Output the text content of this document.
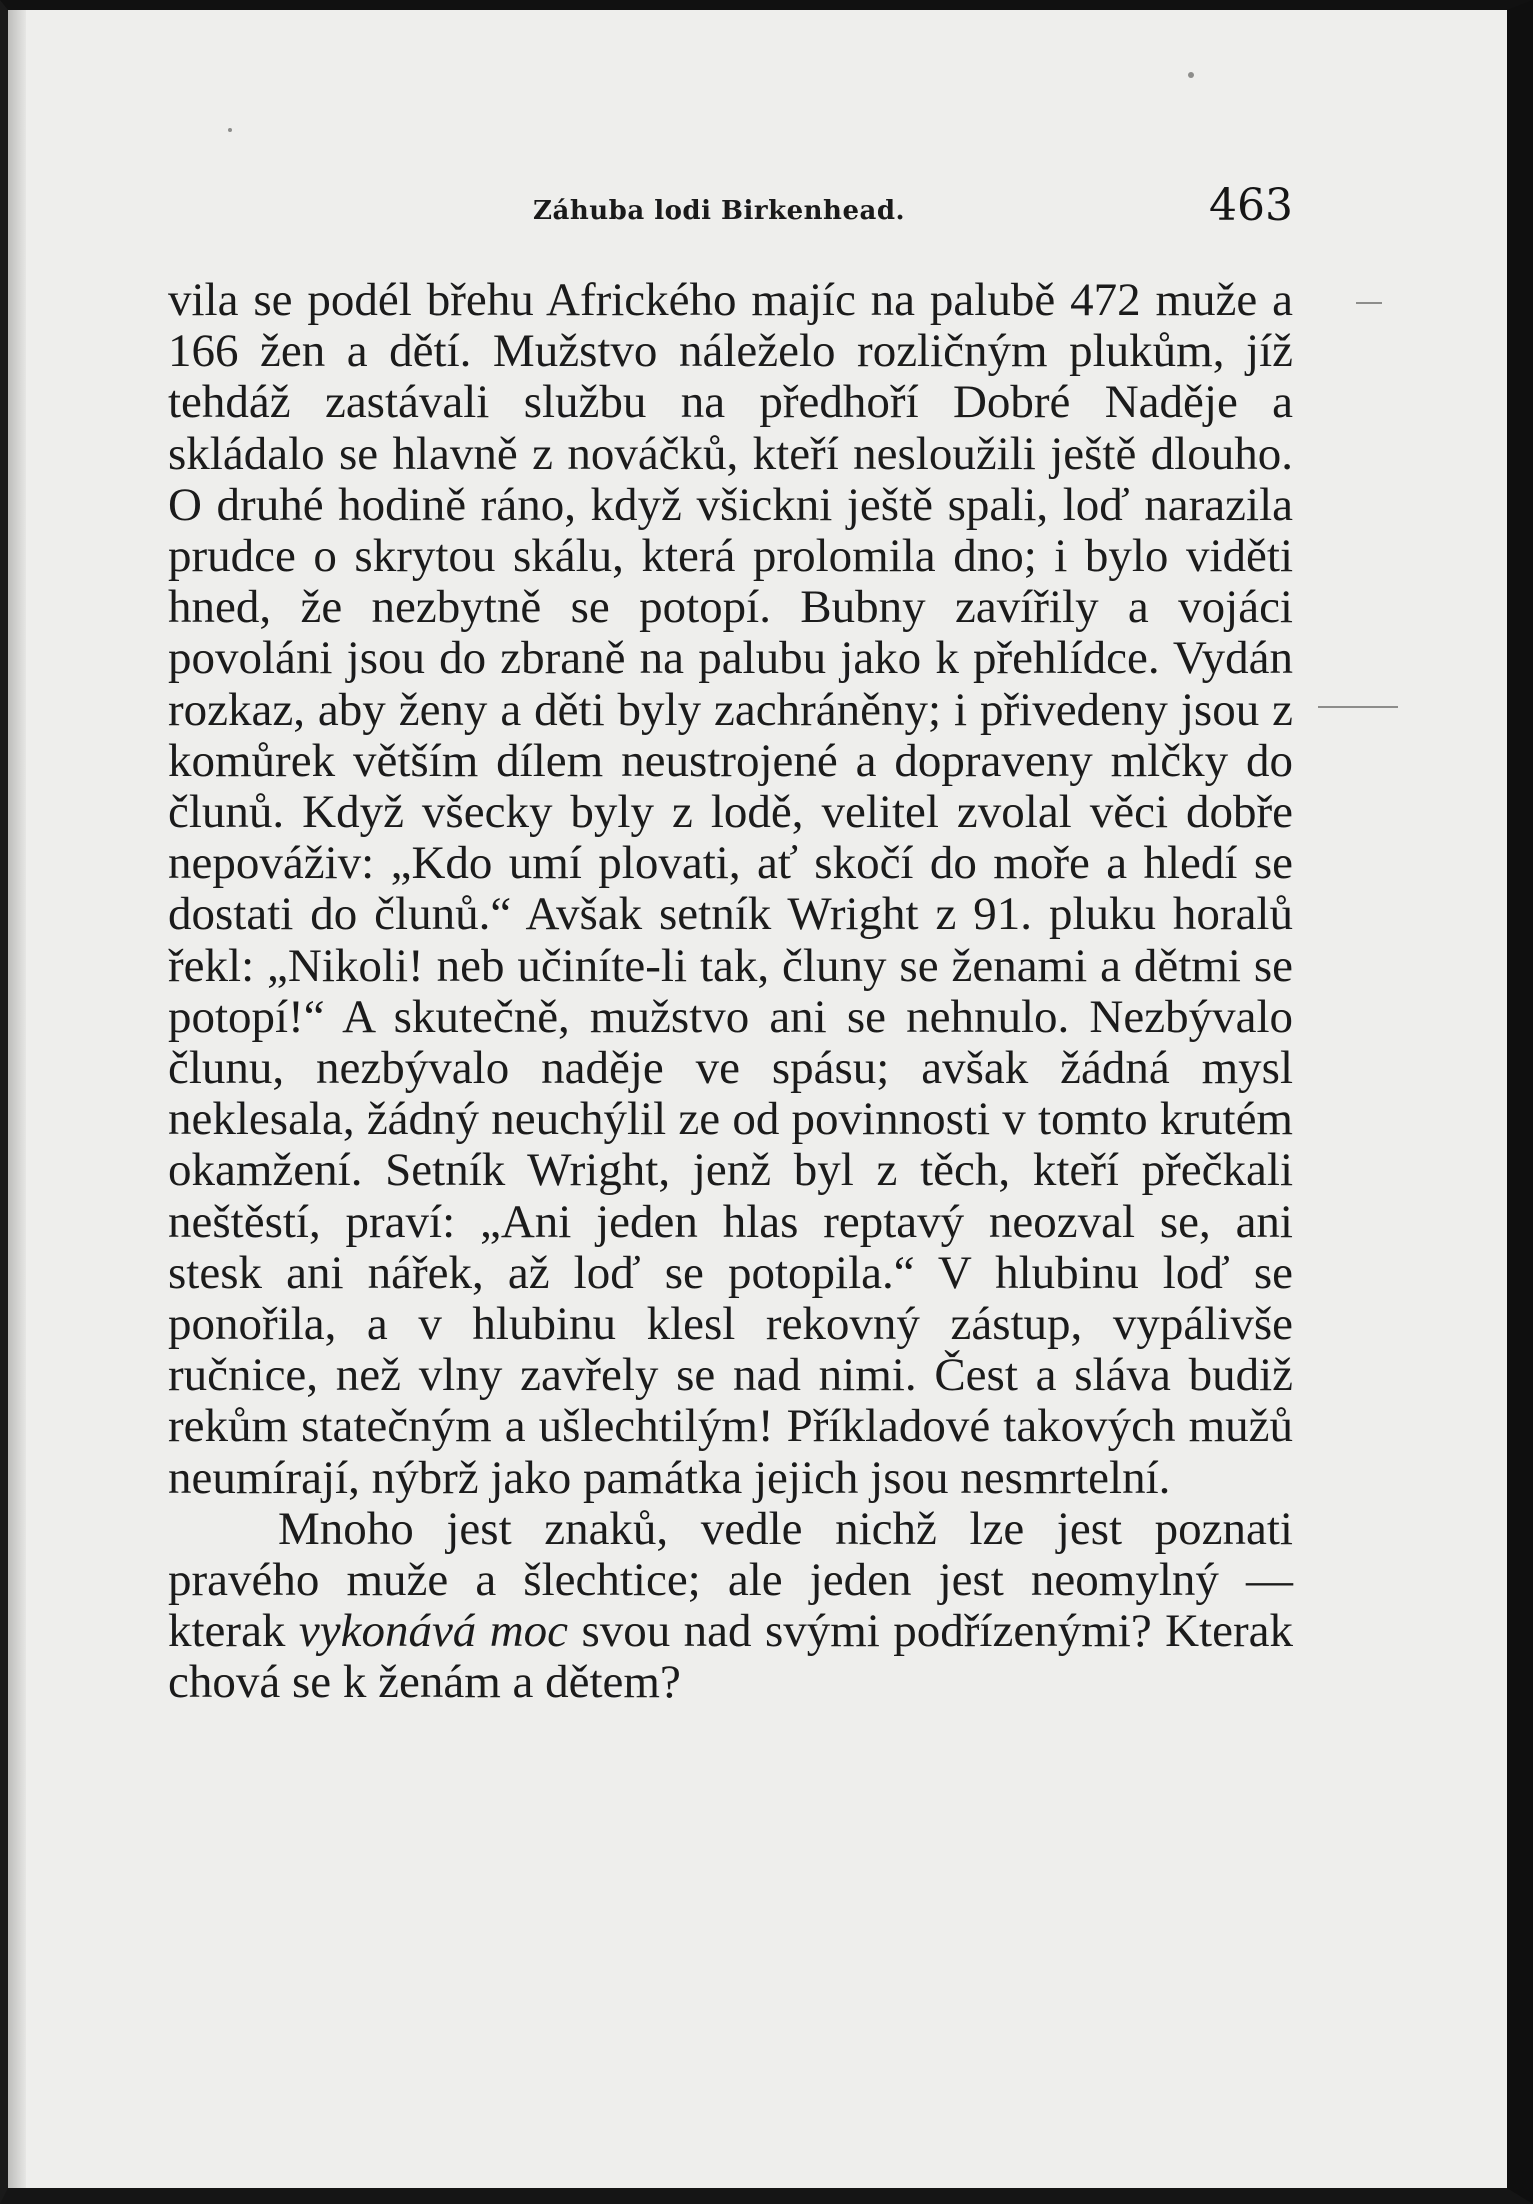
Záhuba lodi Birkenhead.	463

vila se podél břehu Afrického majíc na palubě 472 muže a 166 žen a dětí. Mužstvo náleželo rozličným plukům, jíž tehdáž zastávali službu na předhoří Dobré Naděje a skládalo se hlavně z nováčků, kteří nesloužili ještě dlouho. O druhé hodině ráno, když všickni ještě spali, loď narazila prudce o skrytou skálu, která prolomila dno; i bylo viděti hned, že nezbytně se potopí. Bubny zavířily a vojáci povoláni jsou do zbraně na palubu jako k přehlídce. Vydán rozkaz, aby ženy a děti byly zachráněny; i přivedeny jsou z komůrek větším dílem neustrojené a dopraveny mlčky do člunů. Když všecky byly z lodě, velitel zvolal věci dobře nepováživ: „Kdo umí plovati, ať skočí do moře a hledí se dostati do člunů.“ Avšak setník Wright z 91. pluku horalů řekl: „Nikoli! neb učiníte-li tak, čluny se ženami a dětmi se potopí!“ A skutečně, mužstvo ani se nehnulo. Nezbývalo člunu, nezbývalo naděje ve spásu; avšak žádná mysl neklesala, žádný neuchýlil ze od povinnosti v tomto krutém okamžení. Setník Wright, jenž byl z těch, kteří přečkali neštěstí, praví: „Ani jeden hlas reptavý neozval se, ani stesk ani nářek, až loď se potopila.“ V hlubinu loď se ponořila, a v hlubinu klesl rekovný zástup, vypálivše ručnice, než vlny zavřely se nad nimi. Čest a sláva budiž rekům statečným a ušlechtilým! Příkladové takových mužů neumírají, nýbrž jako památka jejich jsou nesmrtelní.

Mnoho jest znaků, vedle nichž lze jest poznati pravého muže a šlechtice; ale jeden jest neomylný — kterak vykonává moc svou nad svými podřízenými? Kterak chová se k ženám a dětem?
